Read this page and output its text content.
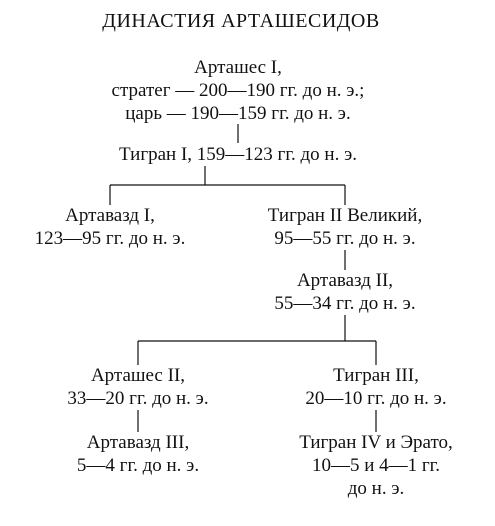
ДИНАСТИЯ АРТАШЕСИДОВ
Арташес I,
стратег — 200—190 гг. до н. э.;
царь — 190—159 гг. до н. э.
Тигран I, 159—123 гг. до н. э.
Артавазд I,
123—95 гг. до н. э.
Тигран II Великий,
95—55 гг. до н. э.
Артавазд II,
55—34 гг. до н. э.
Арташес II,
33—20 гг. до н. э.
Тигран III,
20—10 гг. до н. э.
Артавазд III,
5—4 гг. до н. э.
Тигран IV и Эрато,
10—5 и 4—1 гг.
до н. э.
